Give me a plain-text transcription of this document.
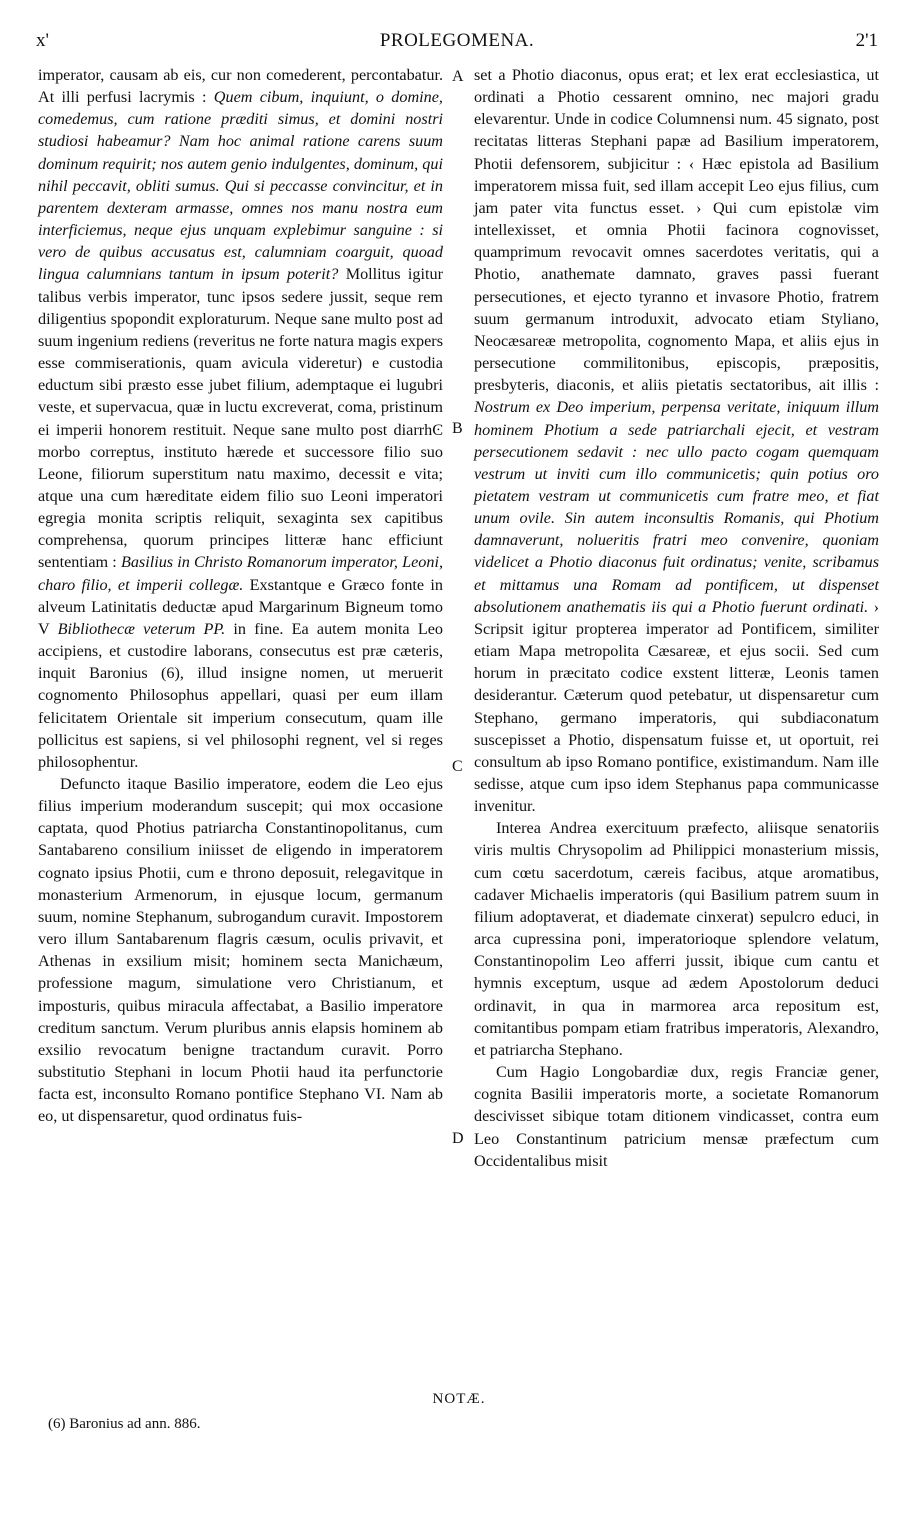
x'	PROLEGOMENA.	2'1

imperator, causam ab eis, cur non comederent, percontabatur. At illi perfusi lacrymis : Quem cibum, inquiunt, o domine, comedemus, cum ratione præditi simus, et domini nostri studiosi habeamur? Nam hoc animal ratione carens suum dominum requirit; nos autem genio indulgentes, dominum, qui nihil peccavit, obliti sumus. Qui si peccasse convincitur, et in parentem dexteram armasse, omnes nos manu nostra eum interficiemus, neque ejus unquam explebimur sanguine : si vero de quibus accusatus est, calumniam coarguit, quoad lingua calumnians tantum in ipsum poterit? Mollitus igitur talibus verbis imperator, tunc ipsos sedere jussit, seque rem diligentius spopondit exploraturum. Neque sane multo post ad suum ingenium rediens (reveritus ne forte natura magis expers esse commiserationis, quam avicula videretur) e custodia eductum sibi præsto esse jubet filium, ademptaque ei lugubri veste, et supervacua, quæ in luctu excreverat, coma, pristinum ei imperii honorem restituit. Neque sane multo post diarrhϾ morbo correptus, instituto hærede et successore filio suo Leone, filiorum superstitum natu maximo, decessit e vita; atque una cum hæreditate eidem filio suo Leoni imperatori egregia monita scriptis reliquit, sexaginta sex capitibus comprehensa, quorum principes litteræ hanc efficiunt sententiam : Basilius in Christo Romanorum imperator, Leoni, charo filio, et imperii collegæ. Exstantque e Græco fonte in alveum Latinitatis deductæ apud Margarinum Bigneum tomo V Bibliothecæ veterum PP. in fine. Ea autem monita Leo accipiens, et custodire laborans, consecutus est præ cæteris, inquit Baronius (6), illud insigne nomen, ut meruerit cognomento Philosophus appellari, quasi per eum illam felicitatem Orientale sit imperium consecutum, quam ille pollicitus est sapiens, si vel philosophi regnent, vel si reges philosophentur.

Defuncto itaque Basilio imperatore, eodem die Leo ejus filius imperium moderandum suscepit; qui mox occasione captata, quod Photius patriarcha Constantinopolitanus, cum Santabareno consilium iniisset de eligendo in imperatorem cognato ipsius Photii, cum e throno deposuit, relegavitque in monasterium Armenorum, in ejusque locum, germanum suum, nomine Stephanum, subrogandum curavit. Impostorem vero illum Santabarenum flagris cæsum, oculis privavit, et Athenas in exsilium misit; hominem secta Manichæum, professione magum, simulatione vero Christianum, et imposturis, quibus miracula affectabat, a Basilio imperatore creditum sanctum. Verum pluribus annis elapsis hominem ab exsilio revocatum benigne tractandum curavit. Porro substitutio Stephani in locum Photii haud ita perfunctorie facta est, inconsulto Romano pontifice Stephano VI. Nam ab eo, ut dispensaretur, quod ordinatus fuis-

set a Photio diaconus, opus erat; et lex erat ecclesiastica, ut ordinati a Photio cessarent omnino, nec majori gradu elevarentur. Unde in codice Columnensi num. 45 signato, post recitatas litteras Stephani papæ ad Basilium imperatorem, Photii defensorem, subjicitur : ‹ Hæc epistola ad Basilium imperatorem missa fuit, sed illam accepit Leo ejus filius, cum jam pater vita functus esset. › Qui cum epistolæ vim intellexisset, et omnia Photii facinora cognovisset, quamprimum revocavit omnes sacerdotes veritatis, qui a Photio, anathemate damnato, graves passi fuerant persecutiones, et ejecto tyranno et invasore Photio, fratrem suum germanum introduxit, advocato etiam Styliano, Neocæsareæ metropolita, cognomento Mapa, et aliis ejus in persecutione commilitonibus, episcopis, præpositis, presbyteris, diaconis, et aliis pietatis sectatoribus, ait illis : Nostrum ex Deo imperium, perpensa veritate, iniquum illum hominem Photium a sede patriarchali ejecit, et vestram persecutionem sedavit : nec ullo pacto cogam quemquam vestrum ut inviti cum illo communicetis; quin potius oro pietatem vestram ut communicetis cum fratre meo, et fiat unum ovile. Sin autem inconsultis Romanis, qui Photium damnaverunt, nolueritis fratri meo convenire, quoniam videlicet a Photio diaconus fuit ordinatus; venite, scribamus et mittamus una Romam ad pontificem, ut dispenset absolutionem anathematis iis qui a Photio fuerunt ordinati. › Scripsit igitur propterea imperator ad Pontificem, similiter etiam Mapa metropolita Cæsareæ, et ejus socii. Sed cum horum in præcitato codice exstent litteræ, Leonis tamen desiderantur. Cæterum quod petebatur, ut dispensaretur cum Stephano, germano imperatoris, qui subdiaconatum suscepisset a Photio, dispensatum fuisse et, ut oportuit, rei consultum ab ipso Romano pontifice, existimandum. Nam ille sedisse, atque cum ipso idem Stephanus papa communicasse invenitur.

Interea Andrea exercituum præfecto, aliisque senatoriis viris multis Chrysopolim ad Philippici monasterium missis, cum cœtu sacerdotum, cæreis facibus, atque aromatibus, cadaver Michaelis imperatoris (qui Basilium patrem suum in filium adoptaverat, et diademate cinxerat) sepulcro educi, in arca cupressina poni, imperatorioque splendore velatum, Constantinopolim Leo afferri jussit, ibique cum cantu et hymnis exceptum, usque ad ædem Apostolorum deduci ordinavit, in qua in marmorea arca repositum est, comitantibus pompam etiam fratribus imperatoris, Alexandro, et patriarcha Stephano.

Cum Hagio Longobardiæ dux, regis Franciæ gener, cognita Basilii imperatoris morte, a societate Romanorum descivisset sibique totam ditionem vindicasset, contra eum Leo Constantinum patricium mensæ præfectum cum Occidentalibus misit

A
B
C
D
NOTÆ.
(6) Baronius ad ann. 886.
